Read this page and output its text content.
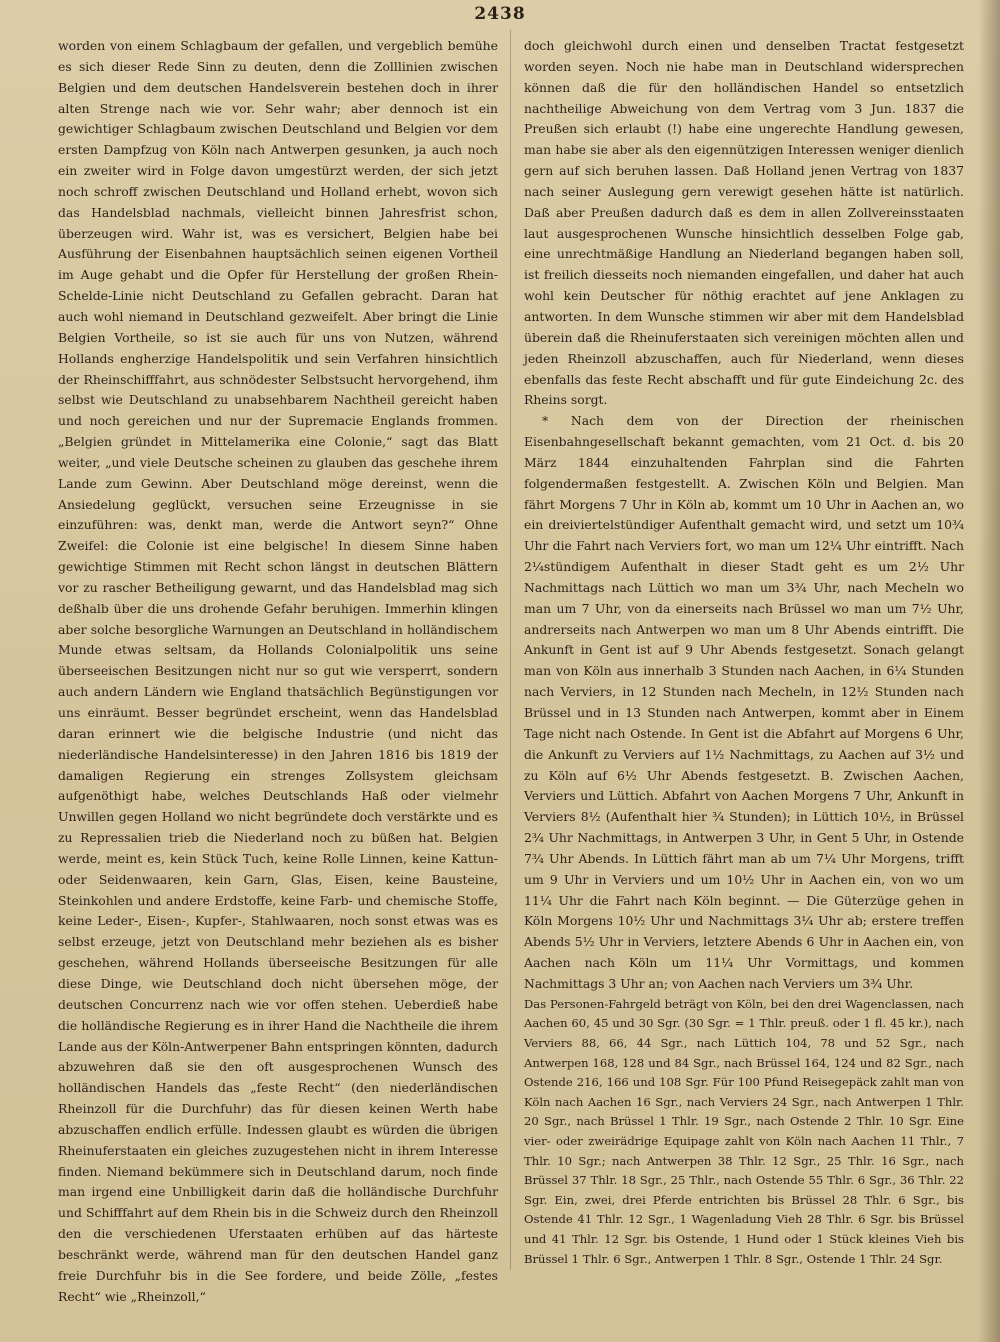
2438

worden von einem Schlagbaum der gefallen, und vergeblich bemühe es sich dieser Rede Sinn zu deuten, denn die Zolllinien zwischen Belgien und dem deutschen Handelsverein bestehen doch in ihrer alten Strenge nach wie vor. Sehr wahr; aber dennoch ist ein gewichtiger Schlagbaum zwischen Deutschland und Belgien vor dem ersten Dampfzug von Köln nach Antwerpen gesunken, ja auch noch ein zweiter wird in Folge davon umgestürzt werden, der sich jetzt noch schroff zwischen Deutschland und Holland erhebt, wovon sich das Handelsblad nachmals, vielleicht binnen Jahresfrist schon, überzeugen wird. Wahr ist, was es versichert, Belgien habe bei Ausführung der Eisenbahnen hauptsächlich seinen eigenen Vortheil im Auge gehabt und die Opfer für Herstellung der großen Rhein-Schelde-Linie nicht Deutschland zu Gefallen gebracht. Daran hat auch wohl niemand in Deutschland gezweifelt. Aber bringt die Linie Belgien Vortheile, so ist sie auch für uns von Nutzen, während Hollands engherzige Handelspolitik und sein Verfahren hinsichtlich der Rheinschifffahrt, aus schnödester Selbstsucht hervorgehend, ihm selbst wie Deutschland zu unabsehbarem Nachtheil gereicht haben und noch gereichen und nur der Supremacie Englands frommen. „Belgien gründet in Mittelamerika eine Colonie,“ sagt das Blatt weiter, „und viele Deutsche scheinen zu glauben das geschehe ihrem Lande zum Gewinn. Aber Deutschland möge dereinst, wenn die Ansiedelung geglückt, versuchen seine Erzeugnisse in sie einzuführen: was, denkt man, werde die Antwort seyn?“ Ohne Zweifel: die Colonie ist eine belgische! In diesem Sinne haben gewichtige Stimmen mit Recht schon längst in deutschen Blättern vor zu rascher Betheiligung gewarnt, und das Handelsblad mag sich deßhalb über die uns drohende Gefahr beruhigen. Immerhin klingen aber solche besorgliche Warnungen an Deutschland in holländischem Munde etwas seltsam, da Hollands Colonialpolitik uns seine überseeischen Besitzungen nicht nur so gut wie versperrt, sondern auch andern Ländern wie England thatsächlich Begünstigungen vor uns einräumt. Besser begründet erscheint, wenn das Handelsblad daran erinnert wie die belgische Industrie (und nicht das niederländische Handelsinteresse) in den Jahren 1816 bis 1819 der damaligen Regierung ein strenges Zollsystem gleichsam aufgenöthigt habe, welches Deutschlands Haß oder vielmehr Unwillen gegen Holland wo nicht begründete doch verstärkte und es zu Repressalien trieb die Niederland noch zu büßen hat. Belgien werde, meint es, kein Stück Tuch, keine Rolle Linnen, keine Kattun- oder Seidenwaaren, kein Garn, Glas, Eisen, keine Bausteine, Steinkohlen und andere Erdstoffe, keine Farb- und chemische Stoffe, keine Leder-, Eisen-, Kupfer-, Stahlwaaren, noch sonst etwas was es selbst erzeuge, jetzt von Deutschland mehr beziehen als es bisher geschehen, während Hollands überseeische Besitzungen für alle diese Dinge, wie Deutschland doch nicht übersehen möge, der deutschen Concurrenz nach wie vor offen stehen. Ueberdieß habe die holländische Regierung es in ihrer Hand die Nachtheile die ihrem Lande aus der Köln-Antwerpener Bahn entspringen könnten, dadurch abzuwehren daß sie den oft ausgesprochenen Wunsch des holländischen Handels das „feste Recht“ (den niederländischen Rheinzoll für die Durchfuhr) das für diesen keinen Werth habe abzuschaffen endlich erfülle. Indessen glaubt es würden die übrigen Rheinuferstaaten ein gleiches zuzugestehen nicht in ihrem Interesse finden. Niemand bekümmere sich in Deutschland darum, noch finde man irgend eine Unbilligkeit darin daß die holländische Durchfuhr und Schifffahrt auf dem Rhein bis in die Schweiz durch den Rheinzoll den die verschiedenen Uferstaaten erhüben auf das härteste beschränkt werde, während man für den deutschen Handel ganz freie Durchfuhr bis in die See fordere, und beide Zölle, „festes Recht“ wie „Rheinzoll,“

doch gleichwohl durch einen und denselben Tractat festgesetzt worden seyen. Noch nie habe man in Deutschland widersprechen können daß die für den holländischen Handel so entsetzlich nachtheilige Abweichung von dem Vertrag vom 3 Jun. 1837 die Preußen sich erlaubt (!) habe eine ungerechte Handlung gewesen, man habe sie aber als den eigennützigen Interessen weniger dienlich gern auf sich beruhen lassen. Daß Holland jenen Vertrag von 1837 nach seiner Auslegung gern verewigt gesehen hätte ist natürlich. Daß aber Preußen dadurch daß es dem in allen Zollvereinsstaaten laut ausgesprochenen Wunsche hinsichtlich desselben Folge gab, eine unrechtmäßige Handlung an Niederland begangen haben soll, ist freilich diesseits noch niemanden eingefallen, und daher hat auch wohl kein Deutscher für nöthig erachtet auf jene Anklagen zu antworten. In dem Wunsche stimmen wir aber mit dem Handelsblad überein daß die Rheinuferstaaten sich vereinigen möchten allen und jeden Rheinzoll abzuschaffen, auch für Niederland, wenn dieses ebenfalls das feste Recht abschafft und für gute Eindeichung 2c. des Rheins sorgt.

* Nach dem von der Direction der rheinischen Eisenbahngesellschaft bekannt gemachten, vom 21 Oct. d. bis 20 März 1844 einzuhaltenden Fahrplan sind die Fahrten folgendermaßen festgestellt. A. Zwischen Köln und Belgien. Man fährt Morgens 7 Uhr in Köln ab, kommt um 10 Uhr in Aachen an, wo ein dreiviertelstündiger Aufenthalt gemacht wird, und setzt um 10¾ Uhr die Fahrt nach Verviers fort, wo man um 12¼ Uhr eintrifft. Nach 2¼stündigem Aufenthalt in dieser Stadt geht es um 2½ Uhr Nachmittags nach Lüttich wo man um 3¾ Uhr, nach Mecheln wo man um 7 Uhr, von da einerseits nach Brüssel wo man um 7½ Uhr, andrerseits nach Antwerpen wo man um 8 Uhr Abends eintrifft. Die Ankunft in Gent ist auf 9 Uhr Abends festgesetzt. Sonach gelangt man von Köln aus innerhalb 3 Stunden nach Aachen, in 6¼ Stunden nach Verviers, in 12 Stunden nach Mecheln, in 12½ Stunden nach Brüssel und in 13 Stunden nach Antwerpen, kommt aber in Einem Tage nicht nach Ostende. In Gent ist die Abfahrt auf Morgens 6 Uhr, die Ankunft zu Verviers auf 1½ Nachmittags, zu Aachen auf 3½ und zu Köln auf 6½ Uhr Abends festgesetzt. B. Zwischen Aachen, Verviers und Lüttich. Abfahrt von Aachen Morgens 7 Uhr, Ankunft in Verviers 8½ (Aufenthalt hier ¾ Stunden); in Lüttich 10½, in Brüssel 2¾ Uhr Nachmittags, in Antwerpen 3 Uhr, in Gent 5 Uhr, in Ostende 7¾ Uhr Abends. In Lüttich fährt man ab um 7¼ Uhr Morgens, trifft um 9 Uhr in Verviers und um 10½ Uhr in Aachen ein, von wo um 11¼ Uhr die Fahrt nach Köln beginnt. — Die Güterzüge gehen in Köln Morgens 10½ Uhr und Nachmittags 3¼ Uhr ab; erstere treffen Abends 5½ Uhr in Verviers, letztere Abends 6 Uhr in Aachen ein, von Aachen nach Köln um 11¼ Uhr Vormittags, und kommen Nachmittags 3 Uhr an; von Aachen nach Verviers um 3¾ Uhr.

Das Personen-Fahrgeld beträgt von Köln, bei den drei Wagenclassen, nach Aachen 60, 45 und 30 Sgr. (30 Sgr. = 1 Thlr. preuß. oder 1 fl. 45 kr.), nach Verviers 88, 66, 44 Sgr., nach Lüttich 104, 78 und 52 Sgr., nach Antwerpen 168, 128 und 84 Sgr., nach Brüssel 164, 124 und 82 Sgr., nach Ostende 216, 166 und 108 Sgr. Für 100 Pfund Reisegepäck zahlt man von Köln nach Aachen 16 Sgr., nach Verviers 24 Sgr., nach Antwerpen 1 Thlr. 20 Sgr., nach Brüssel 1 Thlr. 19 Sgr., nach Ostende 2 Thlr. 10 Sgr. Eine vier- oder zweirädrige Equipage zahlt von Köln nach Aachen 11 Thlr., 7 Thlr. 10 Sgr.; nach Antwerpen 38 Thlr. 12 Sgr., 25 Thlr. 16 Sgr., nach Brüssel 37 Thlr. 18 Sgr., 25 Thlr., nach Ostende 55 Thlr. 6 Sgr., 36 Thlr. 22 Sgr. Ein, zwei, drei Pferde entrichten bis Brüssel 28 Thlr. 6 Sgr., bis Ostende 41 Thlr. 12 Sgr., 1 Wagenladung Vieh 28 Thlr. 6 Sgr. bis Brüssel und 41 Thlr. 12 Sgr. bis Ostende, 1 Hund oder 1 Stück kleines Vieh bis Brüssel 1 Thlr. 6 Sgr., Antwerpen 1 Thlr. 8 Sgr., Ostende 1 Thlr. 24 Sgr.
